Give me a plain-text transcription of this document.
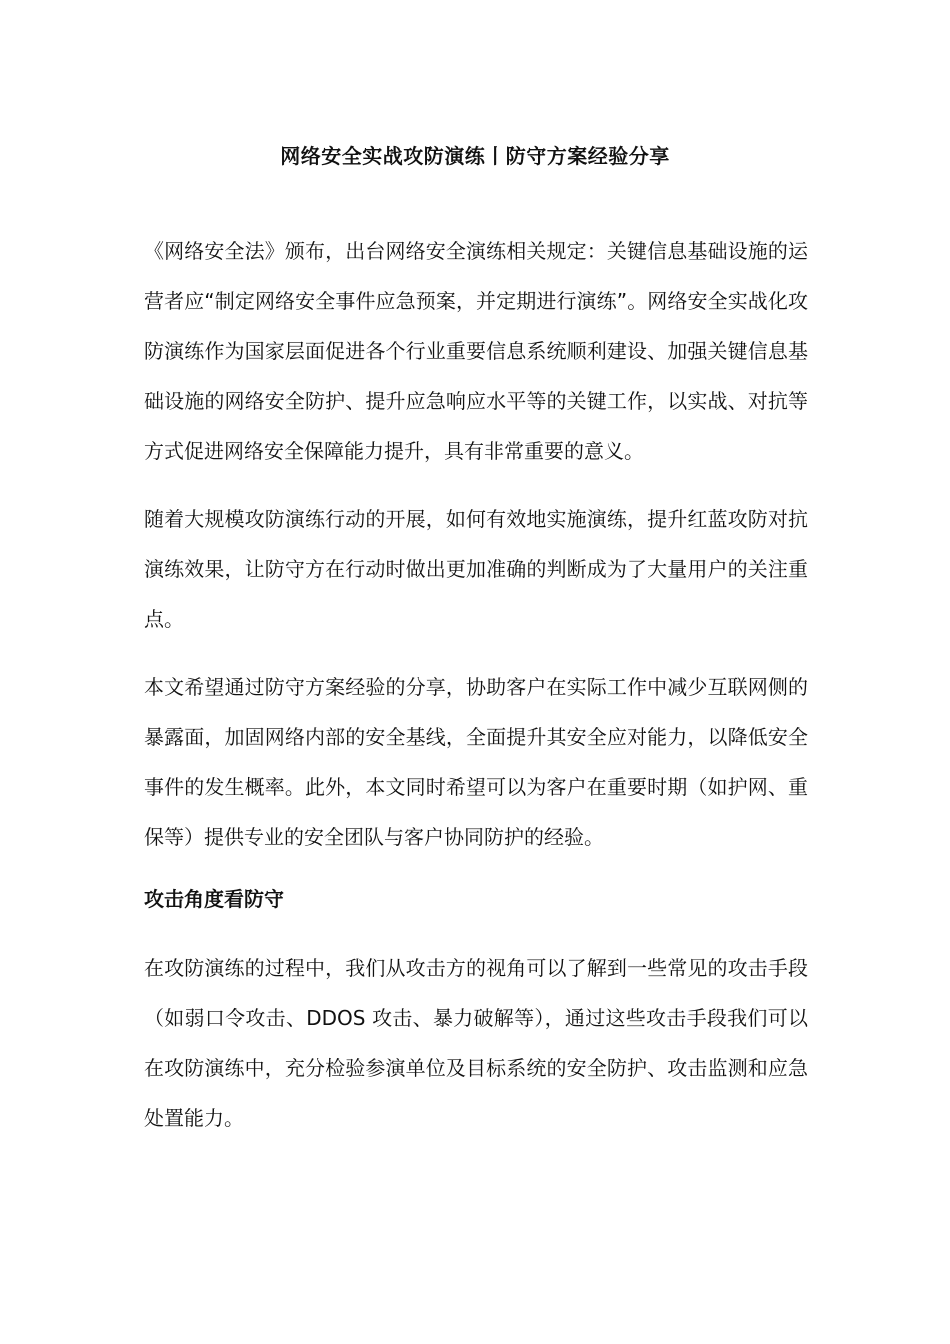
网络安全实战攻防演练丨防守方案经验分享

《网络安全法》颁布，出台网络安全演练相关规定：关键信息基础设施的运营者应“制定网络安全事件应急预案，并定期进行演练”。网络安全实战化攻防演练作为国家层面促进各个行业重要信息系统顺利建设、加强关键信息基础设施的网络安全防护、提升应急响应水平等的关键工作，以实战、对抗等方式促进网络安全保障能力提升，具有非常重要的意义。

随着大规模攻防演练行动的开展，如何有效地实施演练，提升红蓝攻防对抗演练效果，让防守方在行动时做出更加准确的判断成为了大量用户的关注重点。

本文希望通过防守方案经验的分享，协助客户在实际工作中减少互联网侧的暴露面，加固网络内部的安全基线，全面提升其安全应对能力，以降低安全事件的发生概率。此外，本文同时希望可以为客户在重要时期（如护网、重保等）提供专业的安全团队与客户协同防护的经验。

攻击角度看防守

在攻防演练的过程中，我们从攻击方的视角可以了解到一些常见的攻击手段（如弱口令攻击、DDOS 攻击、暴力破解等），通过这些攻击手段我们可以在攻防演练中，充分检验参演单位及目标系统的安全防护、攻击监测和应急处置能力。
